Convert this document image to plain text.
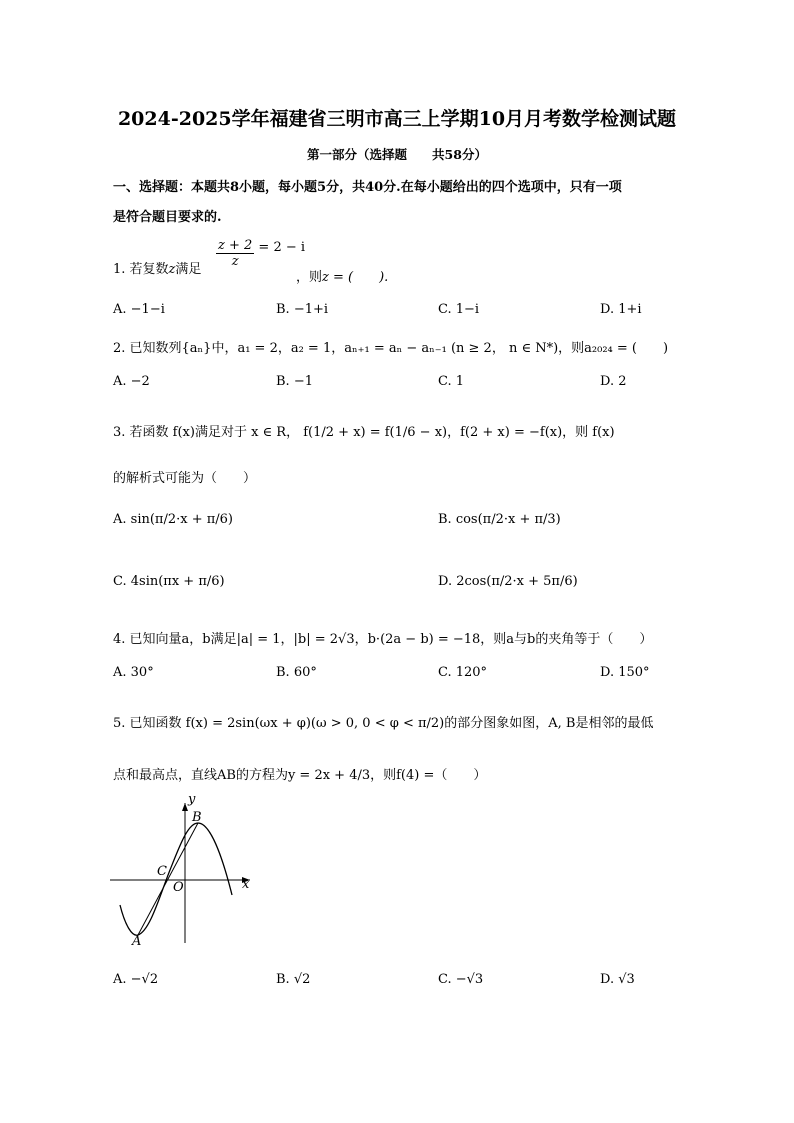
2024-2025学年福建省三明市高三上学期10月月考数学检测试题
第一部分（选择题　　共58分）
一、选择题：本题共8小题，每小题5分，共40分.在每小题给出的四个选项中，只有一项
是符合题目要求的.
1. 若复数z满足
$\frac{z + 2}{z} = 2 - i$
，则z = (　　).
A. −1−i	B. −1+i	C. 1−i	D. 1+i
2. 已知数列{aₙ}中，a₁ = 2，a₂ = 1，aₙ₊₁ = aₙ − aₙ₋₁ (n ≥ 2， n ∈ N*)，则a₂₀₂₄ = (　　)
A. −2	B. −1	C. 1	D. 2
3. 若函数 f(x)满足对于 x ∈ R， f(1/2 + x) = f(1/6 − x)，f(2 + x) = −f(x)，则 f(x)
的解析式可能为（　　）
A. sin(π/2·x + π/6)	B. cos(π/2·x + π/3)
C. 4sin(πx + π/6)	D. 2cos(π/2·x + 5π/6)
4. 已知向量a，b满足|a| = 1，|b| = 2√3，b·(2a − b) = −18，则a与b的夹角等于（　　）
A. 30°	B. 60°	C. 120°	D. 150°
5. 已知函数 f(x) = 2sin(ωx + φ)(ω > 0, 0 < φ < π/2)的部分图象如图，A, B是相邻的最低
点和最高点，直线AB的方程为y = 2x + 4/3，则f(4) =（　　）
y
x
B
C
O
A
A. −√2	B. √2	C. −√3	D. √3
